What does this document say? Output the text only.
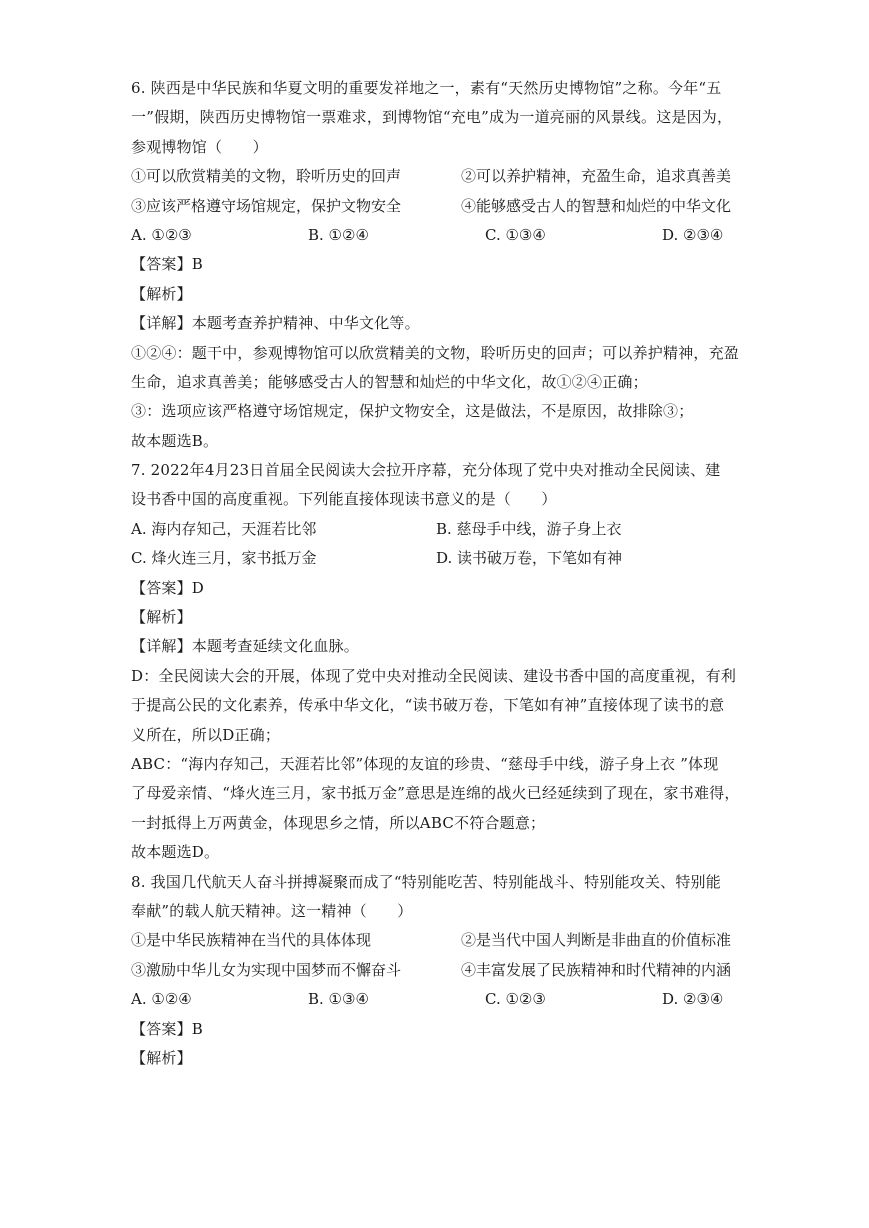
6. 陕西是中华民族和华夏文明的重要发祥地之一，素有“天然历史博物馆”之称。今年“五
一”假期，陕西历史博物馆一票难求，到博物馆“充电”成为一道亮丽的风景线。这是因为，
参观博物馆（　　）
①可以欣赏精美的文物，聆听历史的回声	②可以养护精神，充盈生命，追求真善美
③应该严格遵守场馆规定，保护文物安全	④能够感受古人的智慧和灿烂的中华文化
A. ①②③	B. ①②④	C. ①③④	D. ②③④
【答案】B
【解析】
【详解】本题考查养护精神、中华文化等。
①②④：题干中，参观博物馆可以欣赏精美的文物，聆听历史的回声；可以养护精神，充盈
生命，追求真善美；能够感受古人的智慧和灿烂的中华文化，故①②④正确；
③：选项应该严格遵守场馆规定，保护文物安全，这是做法，不是原因，故排除③；
故本题选B。
7. 2022年4月23日首届全民阅读大会拉开序幕，充分体现了党中央对推动全民阅读、建
设书香中国的高度重视。下列能直接体现读书意义的是（　　）
A. 海内存知己，天涯若比邻	B. 慈母手中线，游子身上衣
C. 烽火连三月，家书抵万金	D. 读书破万卷，下笔如有神
【答案】D
【解析】
【详解】本题考查延续文化血脉。
D：全民阅读大会的开展，体现了党中央对推动全民阅读、建设书香中国的高度重视，有利
于提高公民的文化素养，传承中华文化，“读书破万卷，下笔如有神”直接体现了读书的意
义所在，所以D正确；
ABC：“海内存知己，天涯若比邻”体现的友谊的珍贵、“慈母手中线，游子身上衣 ”体现
了母爱亲情、“烽火连三月，家书抵万金”意思是连绵的战火已经延续到了现在，家书难得，
一封抵得上万两黄金，体现思乡之情，所以ABC不符合题意；
故本题选D。
8. 我国几代航天人奋斗拼搏凝聚而成了“特别能吃苦、特别能战斗、特别能攻关、特别能
奉献”的载人航天精神。这一精神（　　）
①是中华民族精神在当代的具体体现	②是当代中国人判断是非曲直的价值标准
③激励中华儿女为实现中国梦而不懈奋斗	④丰富发展了民族精神和时代精神的内涵
A. ①②④	B. ①③④	C. ①②③	D. ②③④
【答案】B
【解析】
